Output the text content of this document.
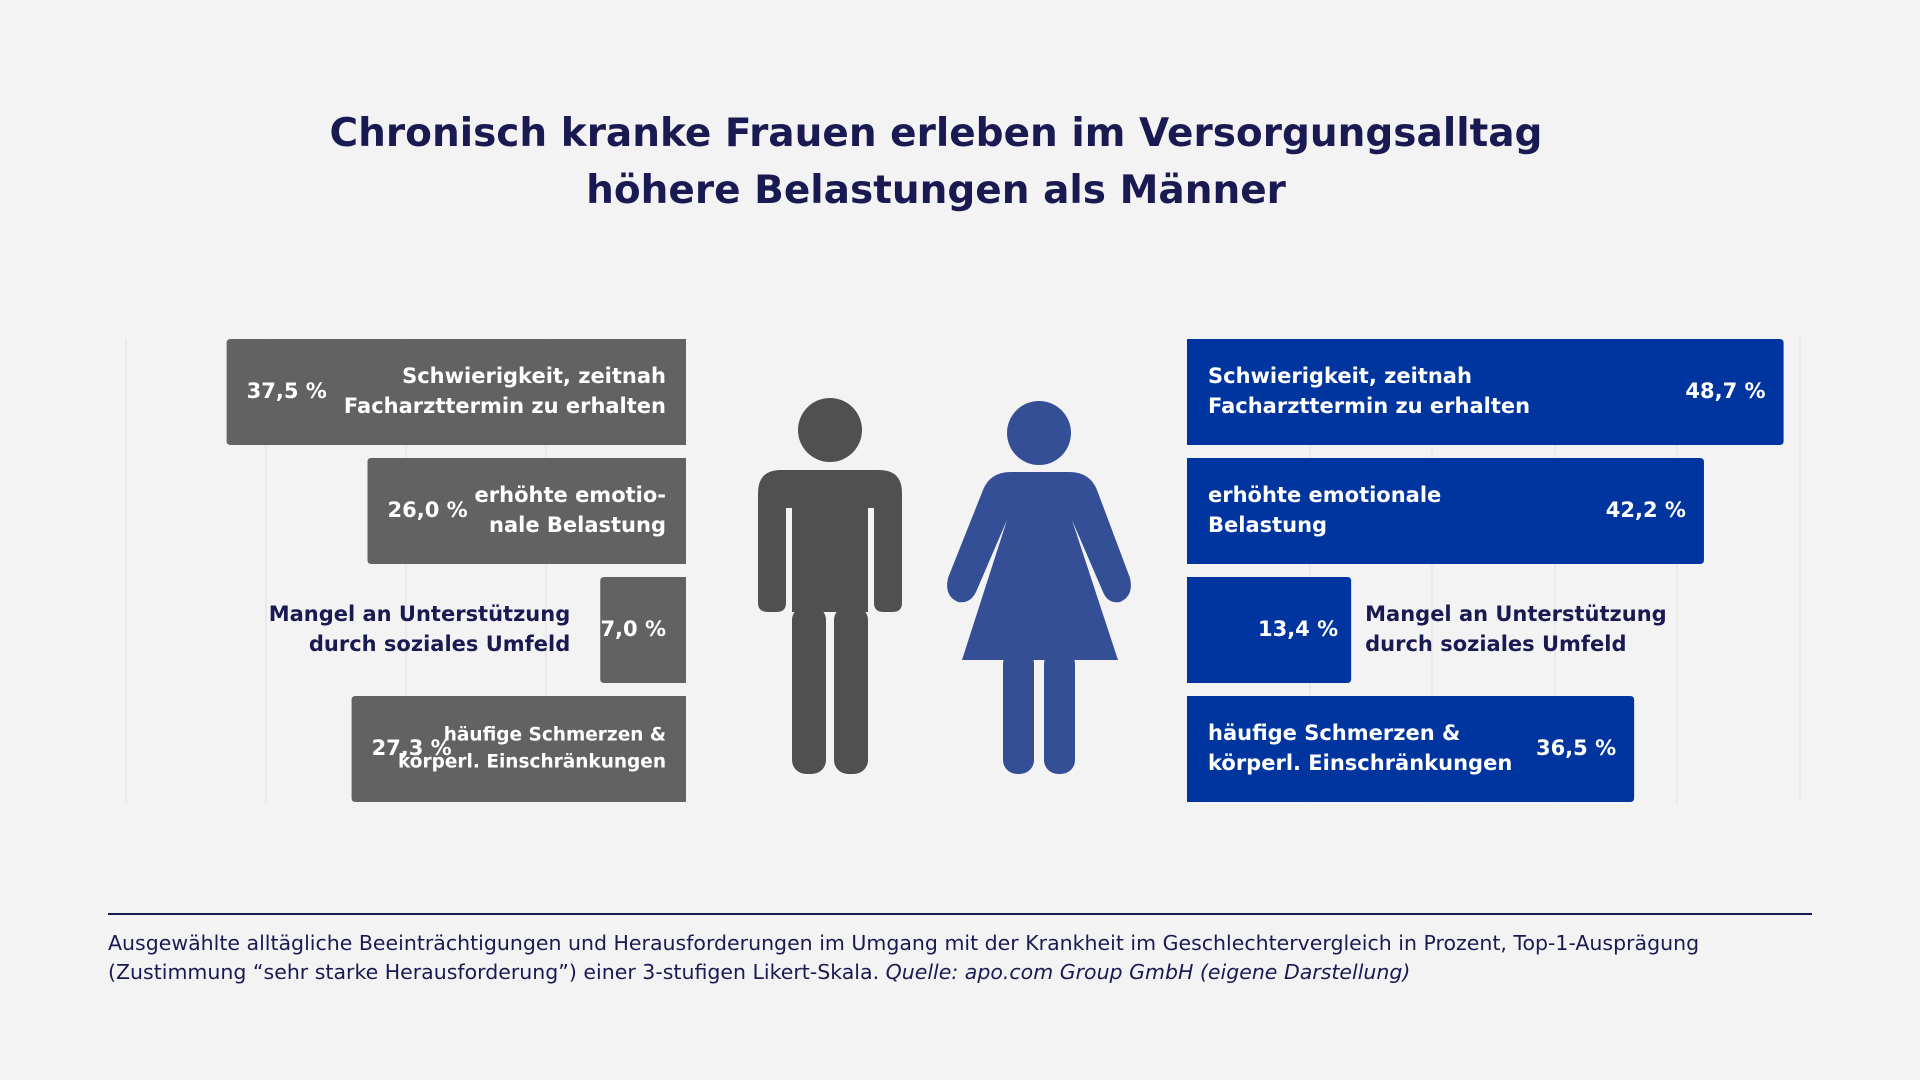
Chronisch kranke Frauen erleben im Versorgungsalltag
höhere Belastungen als Männer
37,5 %
Schwierigkeit, zeitnah Facharzttermin zu erhalten
26,0 %
erhöhte emotio-nale Belastung
7,0 %
Mangel an Unterstützung durch soziales Umfeld
27,3 %
häufige Schmerzen & körperl. Einschränkungen
Schwierigkeit, zeitnah Facharzttermin zu erhalten
48,7 %
erhöhte emotionale Belastung
42,2 %
13,4 %
Mangel an Unterstützung durch soziales Umfeld
häufige Schmerzen & körperl. Einschränkungen
36,5 %

Ausgewählte alltägliche Beeinträchtigungen und Herausforderungen im Umgang mit der Krankheit im Geschlechtervergleich in Prozent, Top-1-Ausprägung (Zustimmung “sehr starke Herausforderung”) einer 3-stufigen Likert-Skala. Quelle: apo.com Group GmbH (eigene Darstellung)
